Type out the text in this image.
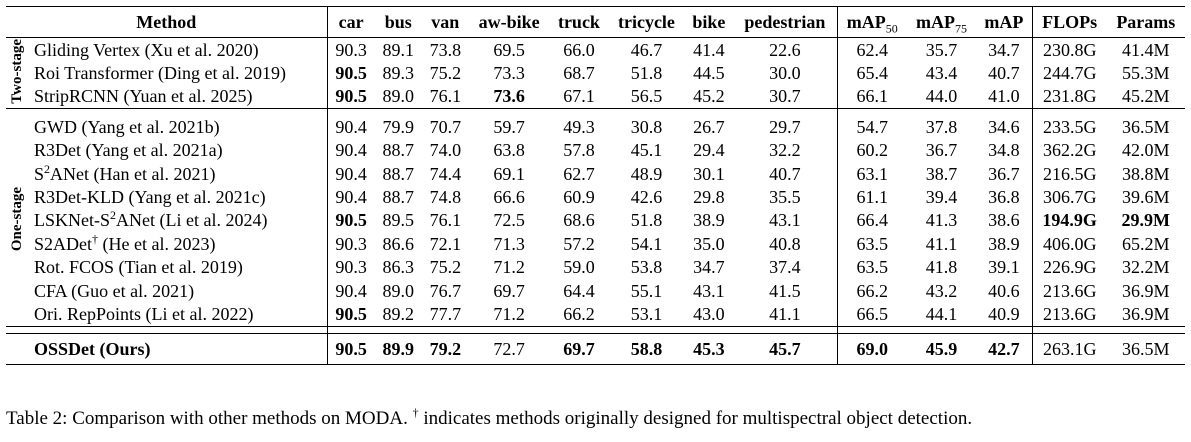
Method		car	bus	van	aw-bike	truck	tricycle	bike	pedestrian	mAP$_{50}$	mAP$_{75}$	mAP	FLOPs	Params
Two-stage	Gliding Vertex (Xu et al. 2020)	90.3	89.1	73.8	69.5	66.0	46.7	41.4	22.6	62.4	35.7	34.7	230.8G	41.4M
	Roi Transformer (Ding et al. 2019)	90.5	89.3	75.2	73.3	68.7	51.8	44.5	30.0	65.4	43.4	40.7	244.7G	55.3M
	StripRCNN (Yuan et al. 2025)	90.5	89.0	76.1	73.6	67.1	56.5	45.2	30.7	66.1	44.0	41.0	231.8G	45.2M

One-stage	GWD (Yang et al. 2021b)	90.4	79.9	70.7	59.7	49.3	30.8	26.7	29.7	54.7	37.8	34.6	233.5G	36.5M
	R3Det (Yang et al. 2021a)	90.4	88.7	74.0	63.8	57.8	45.1	29.4	32.2	60.2	36.7	34.8	362.2G	42.0M
	$S^2ANet$ (Han et al. 2021)	90.4	88.7	74.4	69.1	62.7	48.9	30.1	40.7	63.1	38.7	36.7	216.5G	38.8M
	R3Det-KLD (Yang et al. 2021c)	90.4	88.7	74.8	66.6	60.9	42.6	29.8	35.5	61.1	39.4	36.8	306.7G	39.6M
	LSKNet-$S^2ANet$ (Li et al. 2024)	90.5	89.5	76.1	72.5	68.6	51.8	38.9	43.1	66.4	41.3	38.6	194.9G	29.9M
	S2ADet† (He et al. 2023)	90.3	86.6	72.1	71.3	57.2	54.1	35.0	40.8	63.5	41.1	38.9	406.0G	65.2M
	Rot. FCOS (Tian et al. 2019)	90.3	86.3	75.2	71.2	59.0	53.8	34.7	37.4	63.5	41.8	39.1	226.9G	32.2M
	CFA (Guo et al. 2021)	90.4	89.0	76.7	69.7	64.4	55.1	43.1	41.5	66.2	43.2	40.6	213.6G	36.9M
	Ori. RepPoints (Li et al. 2022)	90.5	89.2	77.7	71.2	66.2	53.1	43.0	41.1	66.5	44.1	40.9	213.6G	36.9M

	OSSDet (Ours)	90.5	89.9	79.2	72.7	69.7	58.8	45.3	45.7	69.0	45.9	42.7	263.1G	36.5M
Table 2: Comparison with other methods on MODA. † indicates methods originally designed for multispectral object detection.
